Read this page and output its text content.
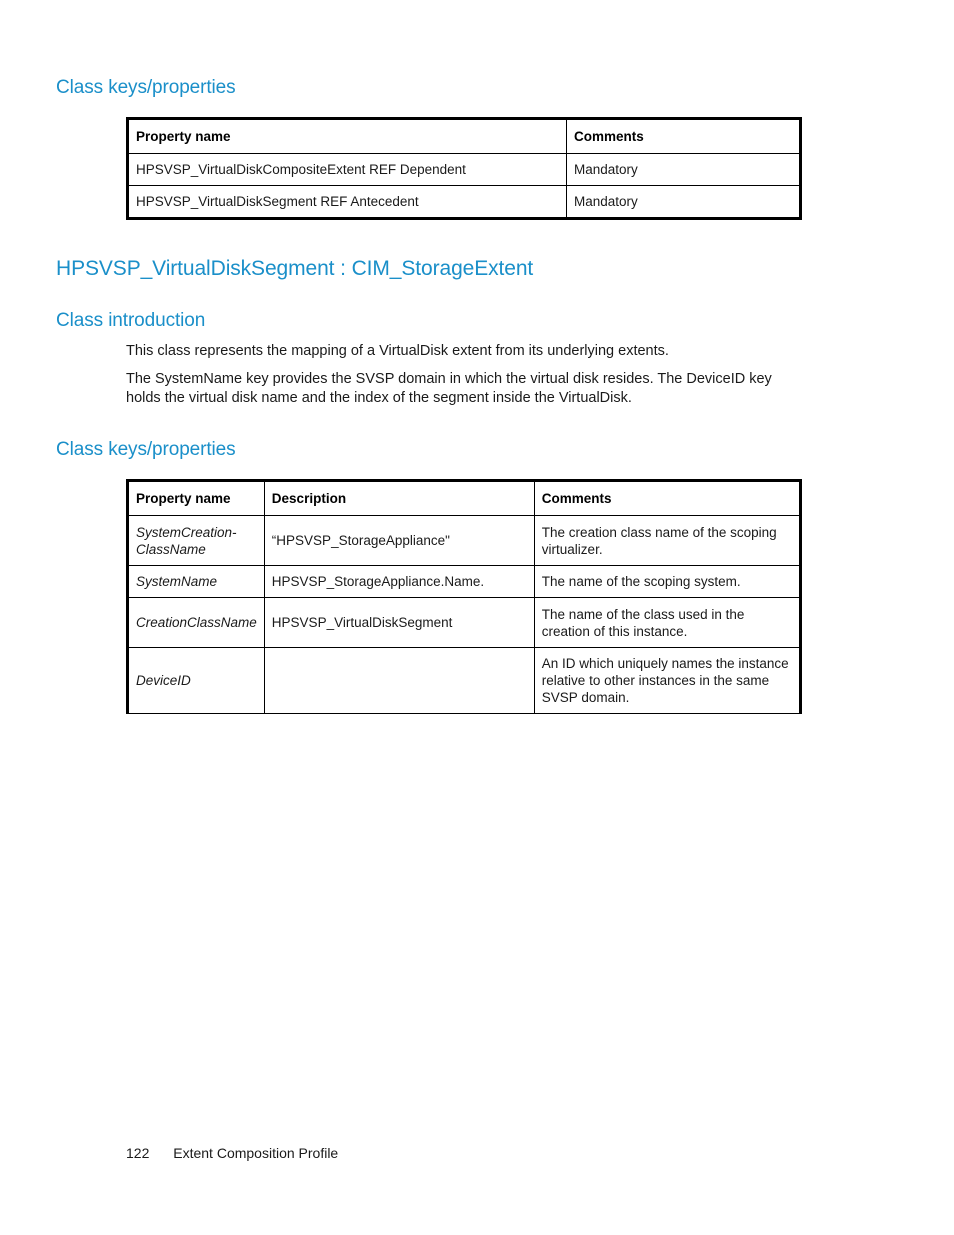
Class keys/properties
Property name	Comments
HPSVSP_VirtualDiskCompositeExtent REF Dependent	Mandatory
HPSVSP_VirtualDiskSegment REF Antecedent	Mandatory
HPSVSP_VirtualDiskSegment : CIM_StorageExtent
Class introduction

This class represents the mapping of a VirtualDisk extent from its underlying extents.

The SystemName key provides the SVSP domain in which the virtual disk resides. The DeviceID key holds the virtual disk name and the index of the segment inside the VirtualDisk.

Class keys/properties
Property name	Description	Comments
SystemCreation-ClassName	“HPSVSP_StorageAppliance"	The creation class name of the scoping virtualizer.
SystemName	HPSVSP_StorageAppliance.Name.	The name of the scoping system.
CreationClassName	HPSVSP_VirtualDiskSegment	The name of the class used in the creation of this instance.
DeviceID		An ID which uniquely names the instance relative to other instances in the same SVSP domain.
122 Extent Composition Profile
